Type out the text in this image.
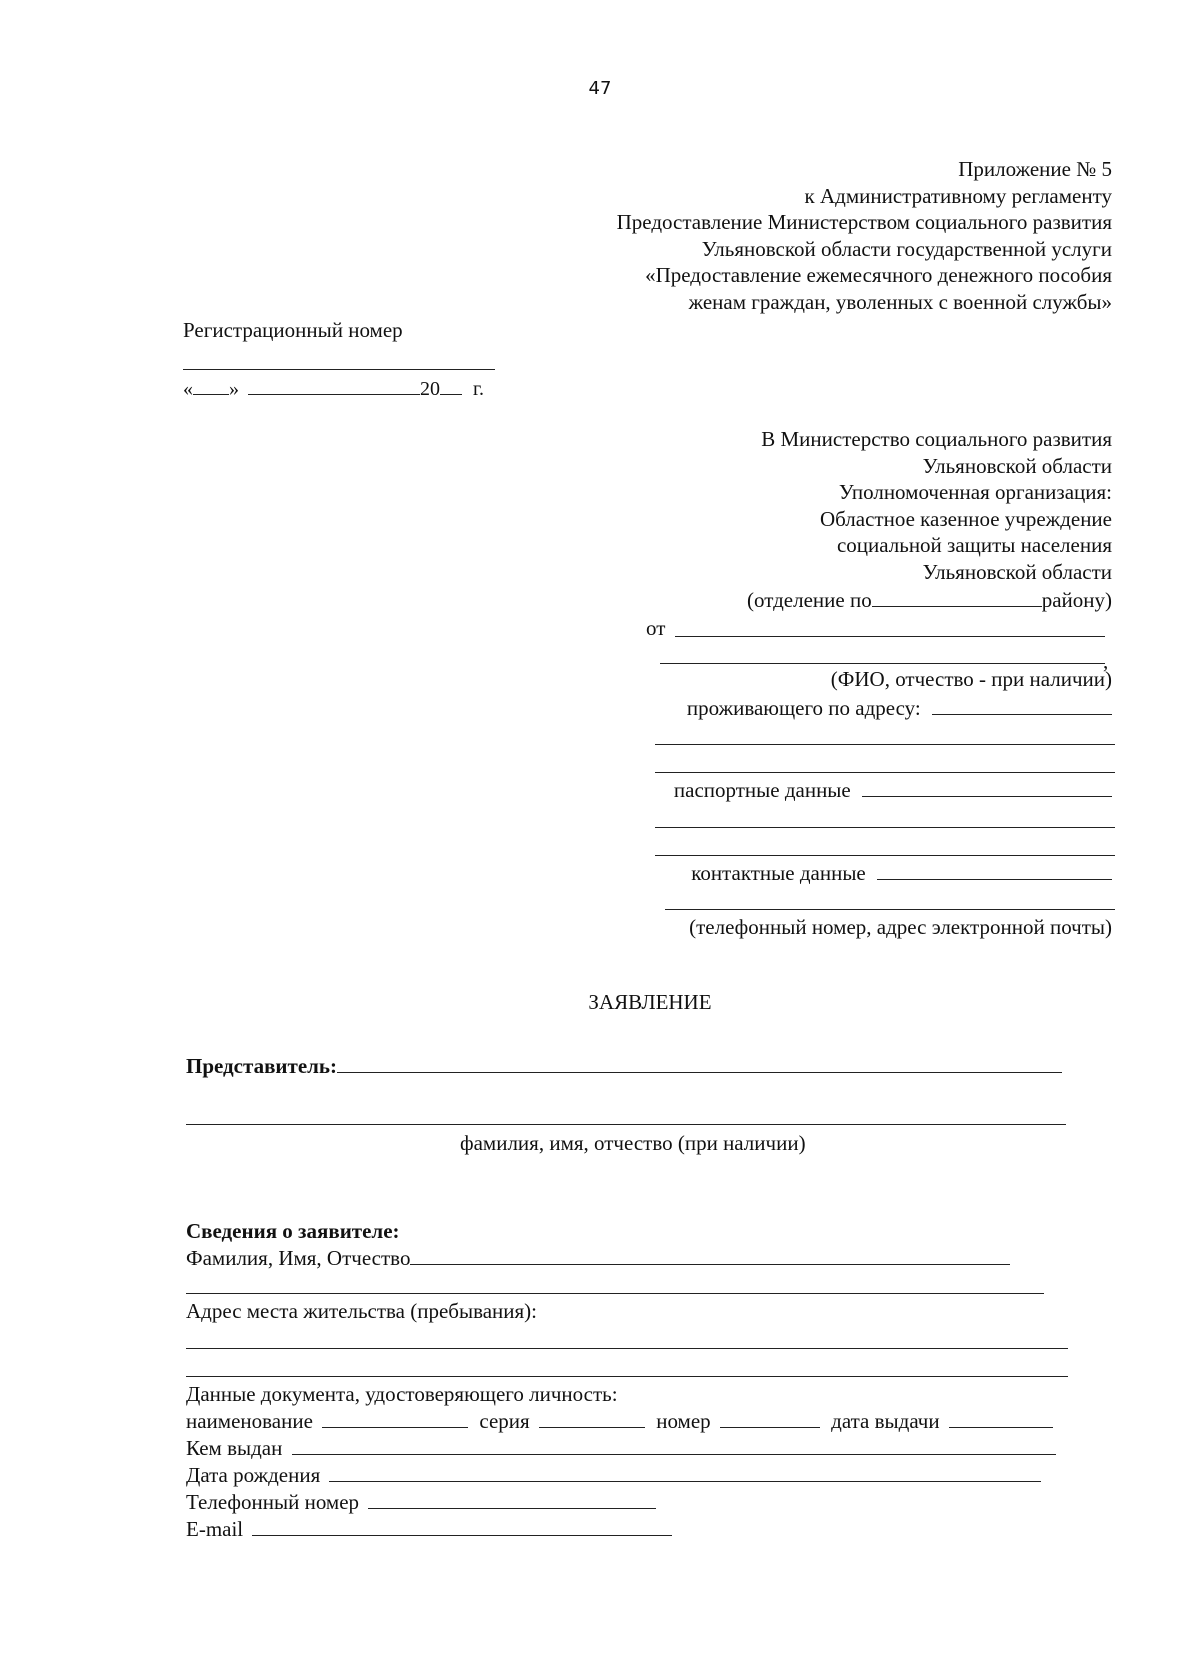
47
Приложение № 5
к Административному регламенту
Предоставление Министерством социального развития
Ульяновской области государственной услуги
«Предоставление ежемесячного денежного пособия
женам граждан, уволенных с военной службы»
Регистрационный номер
« »	20 г.
В Министерство социального развития
Ульяновской области
Уполномоченная организация:
Областное казенное учреждение
социальной защиты населения
Ульяновской области
(отделение по	району)
от
,
(ФИО, отчество - при наличии)
проживающего по адресу:
паспортные данные
контактные данные
(телефонный номер, адрес электронной почты)
ЗАЯВЛЕНИЕ
Представитель:
фамилия, имя, отчество (при наличии)
Сведения о заявителе:
Фамилия, Имя, Отчество
Адрес места жительства (пребывания):
Данные документа, удостоверяющего личность:
наименование	серия	номер	дата выдачи
Кем выдан
Дата рождения
Телефонный номер
E-mail
